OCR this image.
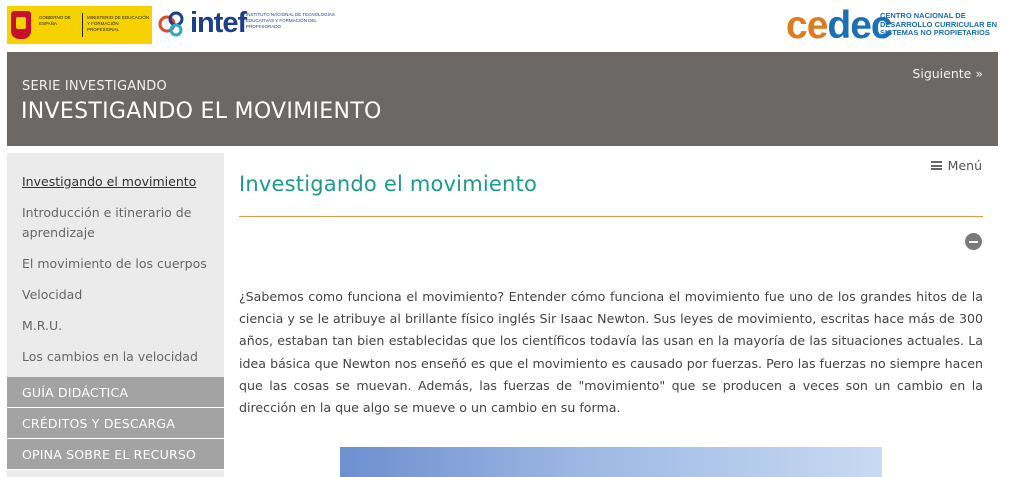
GOBIERNO DE ESPAÑA
MINISTERIO DE EDUCACIÓN Y FORMACIÓN PROFESIONAL	intef INSTITUTO NACIONAL DE TECNOLOGÍAS EDUCATIVAS Y FORMACIÓN DEL PROFESORADO	cedec
CENTRO NACIONAL DE DESARROLLO CURRICULAR EN SISTEMAS NO PROPIETARIOS
SERIE INVESTIGANDO
INVESTIGANDO EL MOVIMIENTO
Siguiente »
Investigando el movimiento
Introducción e itinerario de aprendizaje
El movimiento de los cuerpos
Velocidad
M.R.U.
Los cambios en la velocidad
GUÍA DIDÁCTICA
CRÉDITOS Y DESCARGA
OPINA SOBRE EL RECURSO
Menú
Investigando el movimiento

¿Sabemos como funciona el movimiento? Entender cómo funciona el movimiento fue uno de los grandes hitos de la ciencia y se le atribuye al brillante físico inglés Sir Isaac Newton. Sus leyes de movimiento, escritas hace más de 300 años, estaban tan bien establecidas que los científicos todavía las usan en la mayoría de las situaciones actuales. La idea básica que Newton nos enseñó es que el movimiento es causado por fuerzas. Pero las fuerzas no siempre hacen que las cosas se muevan. Además, las fuerzas de "movimiento" que se producen a veces son un cambio en la dirección en la que algo se mueve o un cambio en su forma.
